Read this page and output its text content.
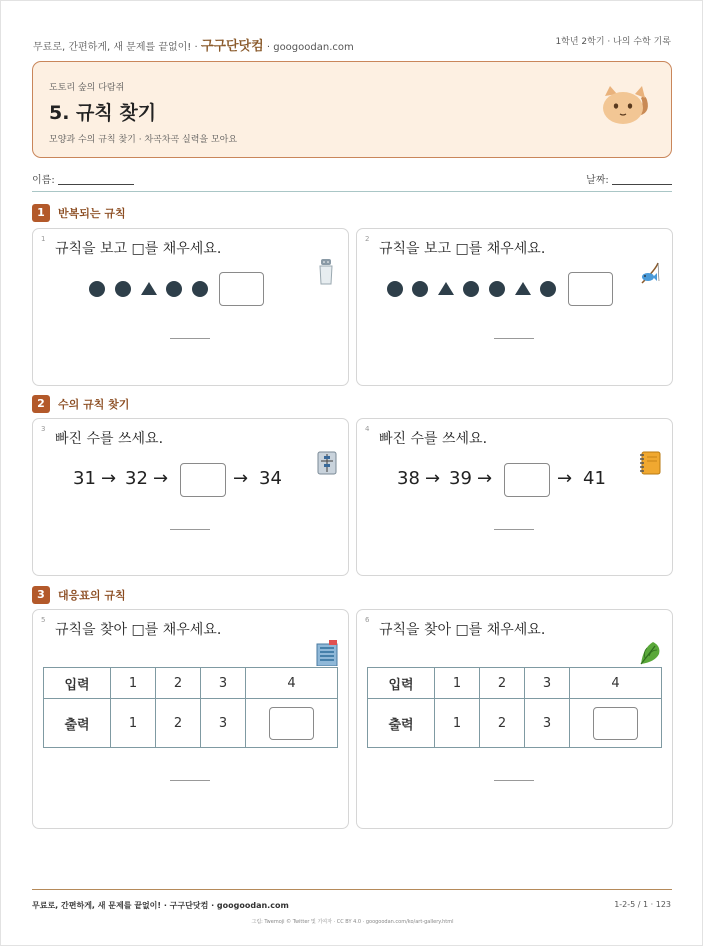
무료로, 간편하게, 새 문제를 끝없이! · 구구단닷컴 · googoodan.com	1학년 2학기 · 나의 수학 기록
도토리 숲의 다람쥐
5. 규칙 찾기
모양과 수의 규칙 찾기 · 차곡차곡 실력을 모아요
이름:	날짜:
1 반복되는 규칙
1
규칙을 보고 □를 채우세요.
2
규칙을 보고 □를 채우세요.
2 수의 규칙 찾기
3
빠진 수를 쓰세요.
31 → 32 →	→ 34
4
빠진 수를 쓰세요.
38 → 39 →	→ 41
3 대응표의 규칙
5
규칙을 찾아 □를 채우세요.
입력	1	2	3	4
출력	1	2	3	
6
규칙을 찾아 □를 채우세요.
입력	1	2	3	4
출력	1	2	3	
무료로, 간편하게, 새 문제를 끝없이! · 구구단닷컴 · googoodan.com	1-2-5 / 1 · 123
그림: Twemoji © Twitter 및 기여자 · CC BY 4.0 · googoodan.com/ko/art-gallery.html
